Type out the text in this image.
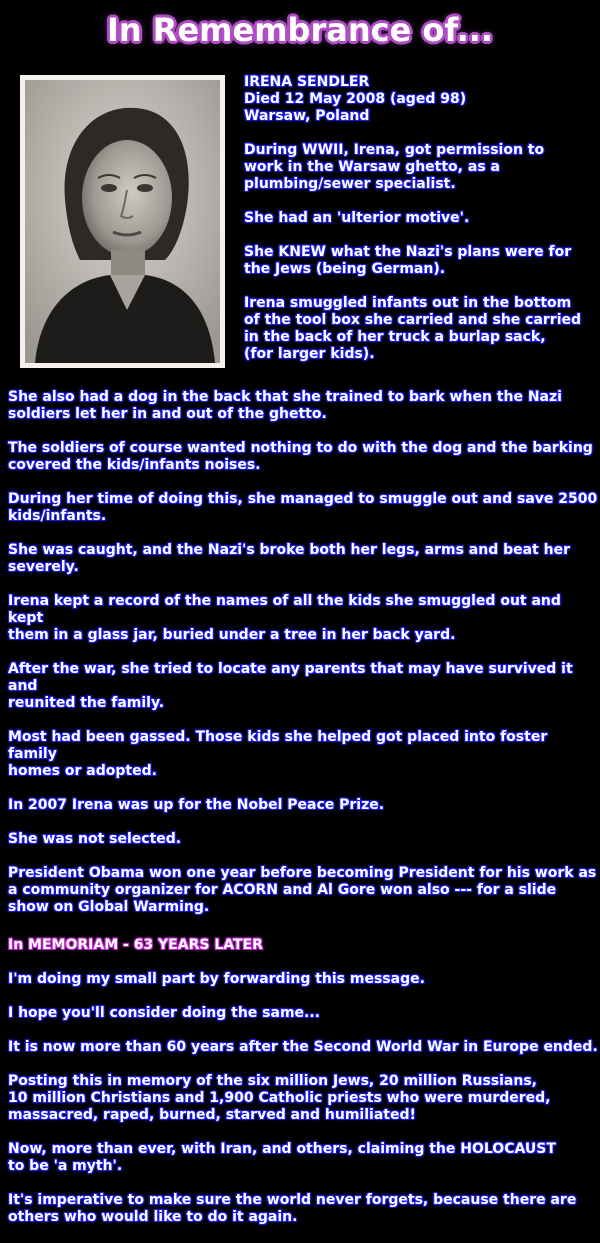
In Remembrance of...

IRENA SENDLER
Died 12 May 2008 (aged 98)
Warsaw, Poland

During WWII, Irena, got permission to
work in the Warsaw ghetto, as a
plumbing/sewer specialist.

She had an 'ulterior motive'.

She KNEW what the Nazi's plans were for
the Jews (being German).

Irena smuggled infants out in the bottom
of the tool box she carried and she carried
in the back of her truck a burlap sack,
(for larger kids).

She also had a dog in the back that she trained to bark when the Nazi
soldiers let her in and out of the ghetto.

The soldiers of course wanted nothing to do with the dog and the barking
covered the kids/infants noises.

During her time of doing this, she managed to smuggle out and save 2500
kids/infants.

She was caught, and the Nazi's broke both her legs, arms and beat her
severely.

Irena kept a record of the names of all the kids she smuggled out and kept
them in a glass jar, buried under a tree in her back yard.

After the war, she tried to locate any parents that may have survived it and
reunited the family.

Most had been gassed. Those kids she helped got placed into foster family
homes or adopted.

In 2007 Irena was up for the Nobel Peace Prize.

She was not selected.

President Obama won one year before becoming President for his work as
a community organizer for ACORN and Al Gore won also --- for a slide
show on Global Warming.

In MEMORIAM - 63 YEARS LATER

I'm doing my small part by forwarding this message.

I hope you'll consider doing the same...

It is now more than 60 years after the Second World War in Europe ended.

Posting this in memory of the six million Jews, 20 million Russians,
10 million Christians and 1,900 Catholic priests who were murdered,
massacred, raped, burned, starved and humiliated!

Now, more than ever, with Iran, and others, claiming the HOLOCAUST
to be 'a myth'.

It's imperative to make sure the world never forgets, because there are
others who would like to do it again.
